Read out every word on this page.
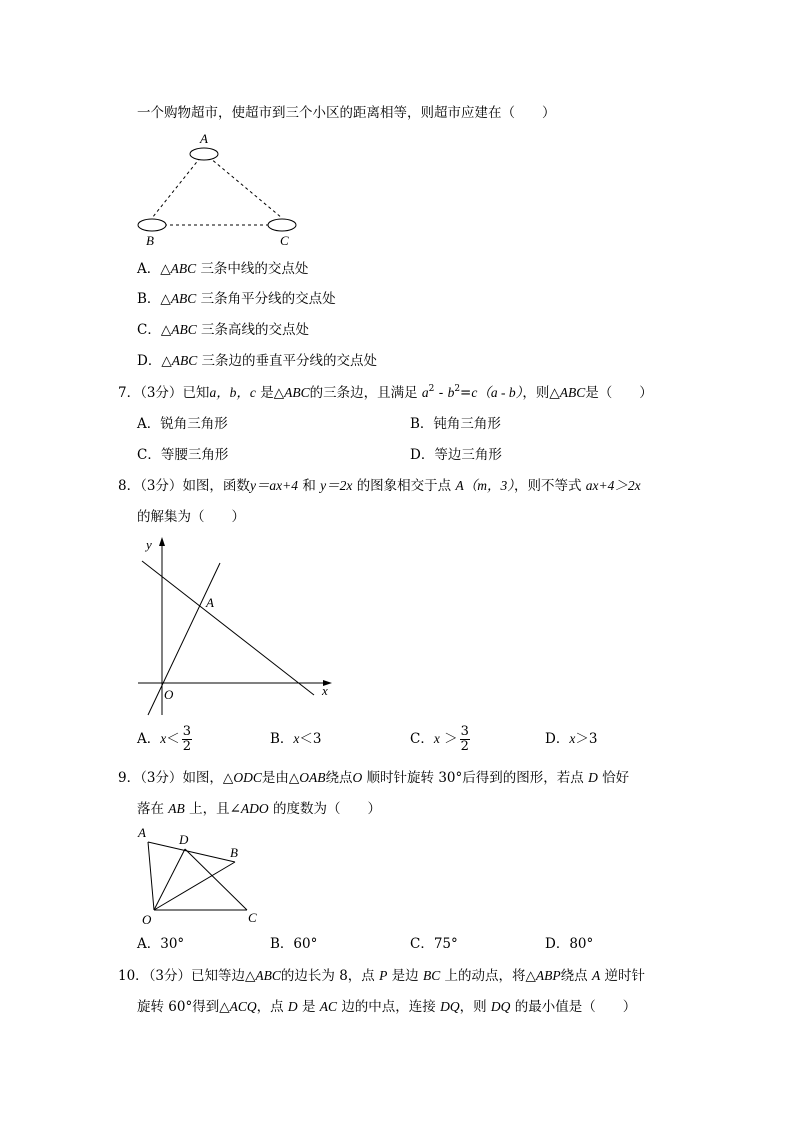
一个购物超市，使超市到三个小区的距离相等，则超市应建在（　　）
A
B	C
A．△ABC 三条中线的交点处
B．△ABC 三条角平分线的交点处
C．△ABC 三条高线的交点处
D．△ABC 三条边的垂直平分线的交点处
7．（3分）已知a，b，c 是△ABC的三条边，且满足 $a^2 - b^2=c(a - b)$，则△ABC是（　　）
A．锐角三角形	B．钝角三角形
C．等腰三角形	D．等边三角形
8．（3分）如图，函数y＝ax+4 和 y＝2x 的图象相交于点 A（m，3），则不等式 ax+4＞2x
的解集为（　　）
y
x
O
A
A．$x< \frac{3}{2}$	B．x＜3	C．$x > \frac{3}{2}$	D．x＞3
9．（3分）如图，△ODC是由△OAB绕点O 顺时针旋转 30°后得到的图形，若点 D 恰好
落在 AB 上，且∠ADO 的度数为（　　）
A	D
B
C
O
A．30°	B．60°	C．75°	D．80°
10．（3分）已知等边△ABC的边长为 8，点 P 是边 BC 上的动点，将△ABP绕点 A 逆时针
旋转 60°得到△ACQ，点 D 是 AC 边的中点，连接 DQ，则 DQ 的最小值是（　　）
